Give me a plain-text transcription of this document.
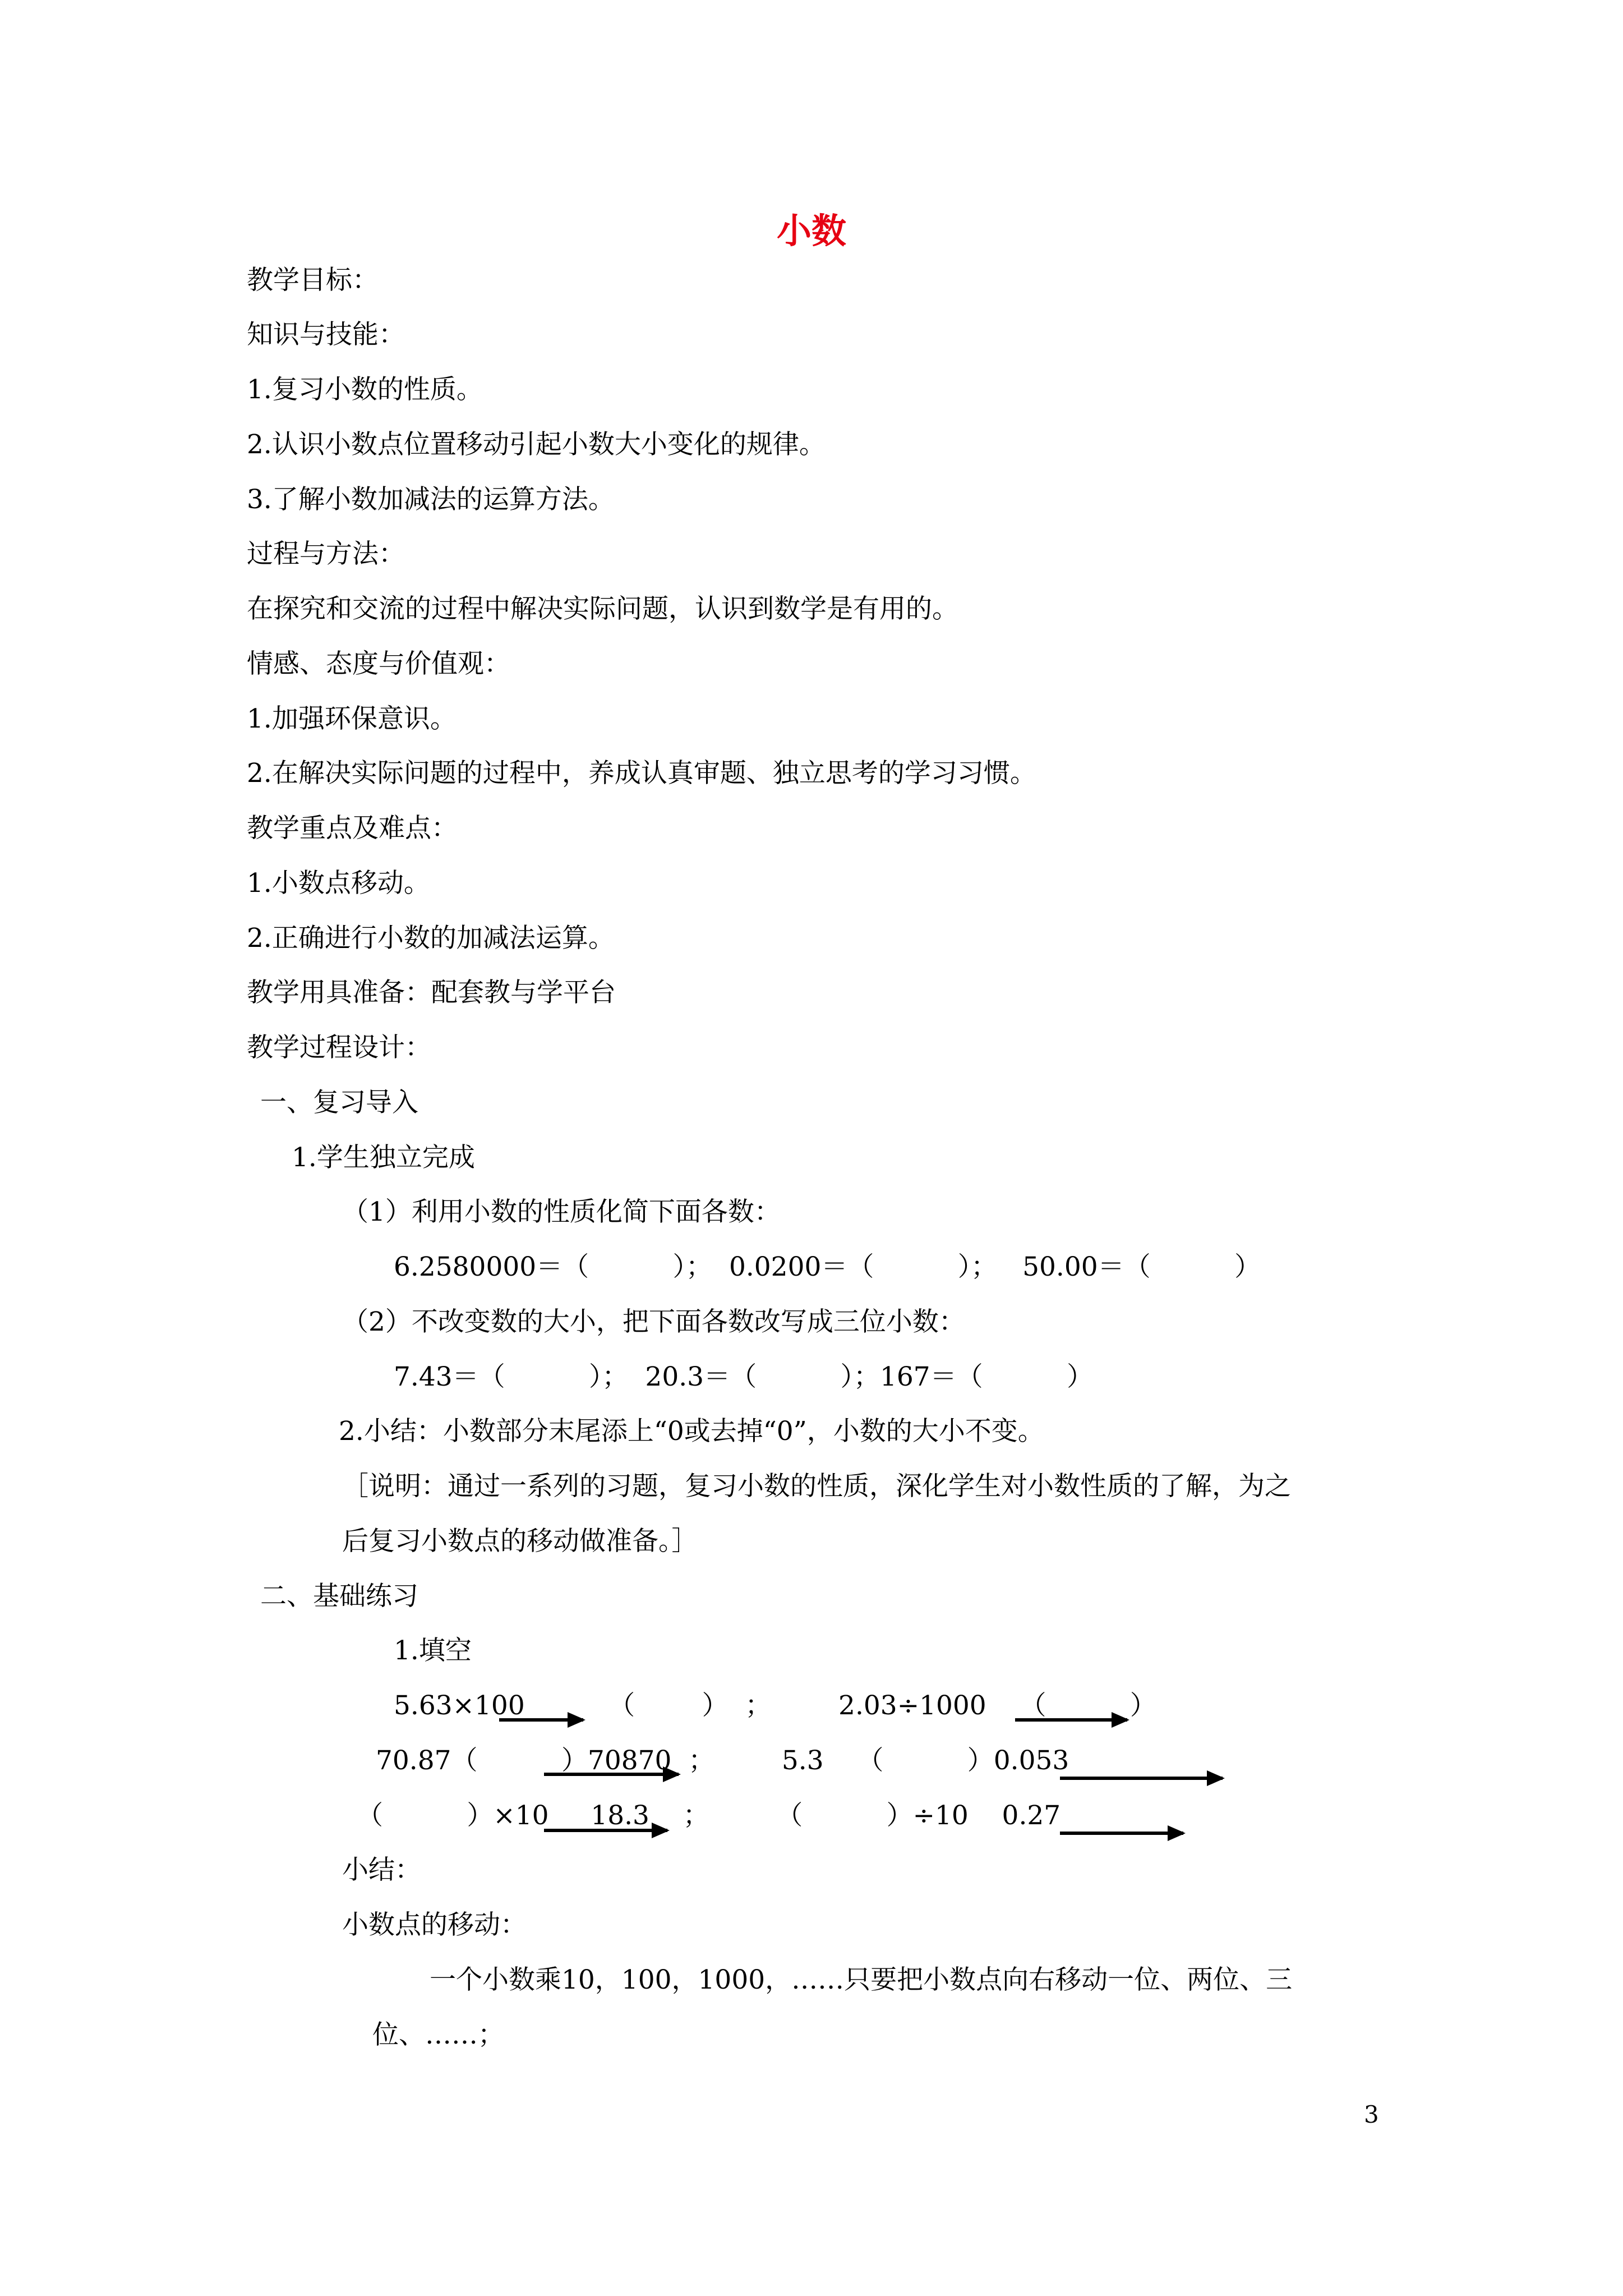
小数
教学目标：
知识与技能：
1.复习小数的性质。
2.认识小数点位置移动引起小数大小变化的规律。
3.了解小数加减法的运算方法。
过程与方法：
在探究和交流的过程中解决实际问题，认识到数学是有用的。
情感、态度与价值观：
1.加强环保意识。
2.在解决实际问题的过程中，养成认真审题、独立思考的学习习惯。
教学重点及难点：
1.小数点移动。
2.正确进行小数的加减法运算。
教学用具准备：配套教与学平台
教学过程设计：
一、复习导入
1.学生独立完成
（1）利用小数的性质化简下面各数：
6.2580000＝（          ）；  0.0200＝（          ）；   50.00＝（          ）
（2）不改变数的大小，把下面各数改写成三位小数：
7.43＝（          ）；  20.3＝（          ）；167＝（          ）
2.小结：小数部分末尾添上“0或去掉“0”，小数的大小不变。
［说明：通过一系列的习题，复习小数的性质，深化学生对小数性质的了解，为之
后复习小数点的移动做准备。］
二、基础练习
1.填空
5.63×100          （        ）  ；        2.03÷1000    （          ）
70.87（          ）70870  ；        5.3    （          ）0.053
（          ）×10     18.3    ；        （          ）÷10    0.27
小结：
小数点的移动：
一个小数乘10，100，1000，……只要把小数点向右移动一位、两位、三
位、……；
3
